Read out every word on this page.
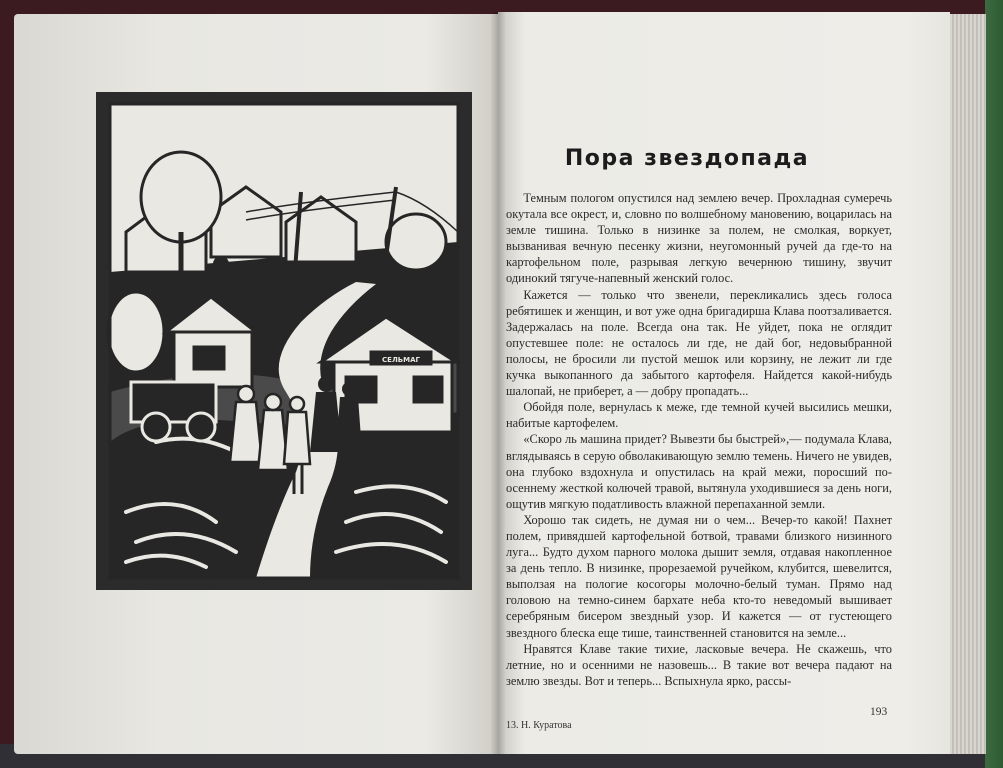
СЕЛЬМАГ
Пора звездопада

Темным пологом опустился над землею вечер. Прохладная сумеречь окутала все окрест, и, словно по волшебному мановению, воцарилась на земле тишина. Только в низинке за полем, не смолкая, воркует, вызванивая вечную песенку жизни, неугомонный ручей да где-то на картофельном поле, разрывая легкую вечернюю тишину, звучит одинокий тягуче-напевный женский голос.

Кажется — только что звенели, перекликались здесь голоса ребятишек и женщин, и вот уже одна бригадирша Клава поотзаливается. Задержалась на поле. Всегда она так. Не уйдет, пока не оглядит опустевшее поле: не осталось ли где, не дай бог, недовыбранной полосы, не бросили ли пустой мешок или корзину, не лежит ли где кучка выкопанного да забытого картофеля. Найдется какой-нибудь шалопай, не приберет, а — добру пропадать...

Обойдя поле, вернулась к меже, где темной кучей высились мешки, набитые картофелем.

«Скоро ль машина придет? Вывезти бы быстрей»,— подумала Клава, вглядываясь в серую обволакивающую землю темень. Ничего не увидев, она глубоко вздохнула и опустилась на край межи, поросший по-осеннему жесткой колючей травой, вытянула уходившиеся за день ноги, ощутив мягкую податливость влажной перепаханной земли.

Хорошо так сидеть, не думая ни о чем... Вечер-то какой! Пахнет полем, привядшей картофельной ботвой, травами близкого низинного луга... Будто духом парного молока дышит земля, отдавая накопленное за день тепло. В низинке, прорезаемой ручейком, клубится, шевелится, выползая на пологие косогоры молочно-белый туман. Прямо над головою на темно-синем бархате неба кто-то неведомый вышивает серебряным бисером звездный узор. И кажется — от густеющего звездного блеска еще тише, таинственней становится на земле...

Нравятся Клаве такие тихие, ласковые вечера. Не скажешь, что летние, но и осенними не назовешь... В такие вот вечера падают на землю звезды. Вот и теперь... Вспыхнула ярко, рассы-

13. Н. Куратова
193
